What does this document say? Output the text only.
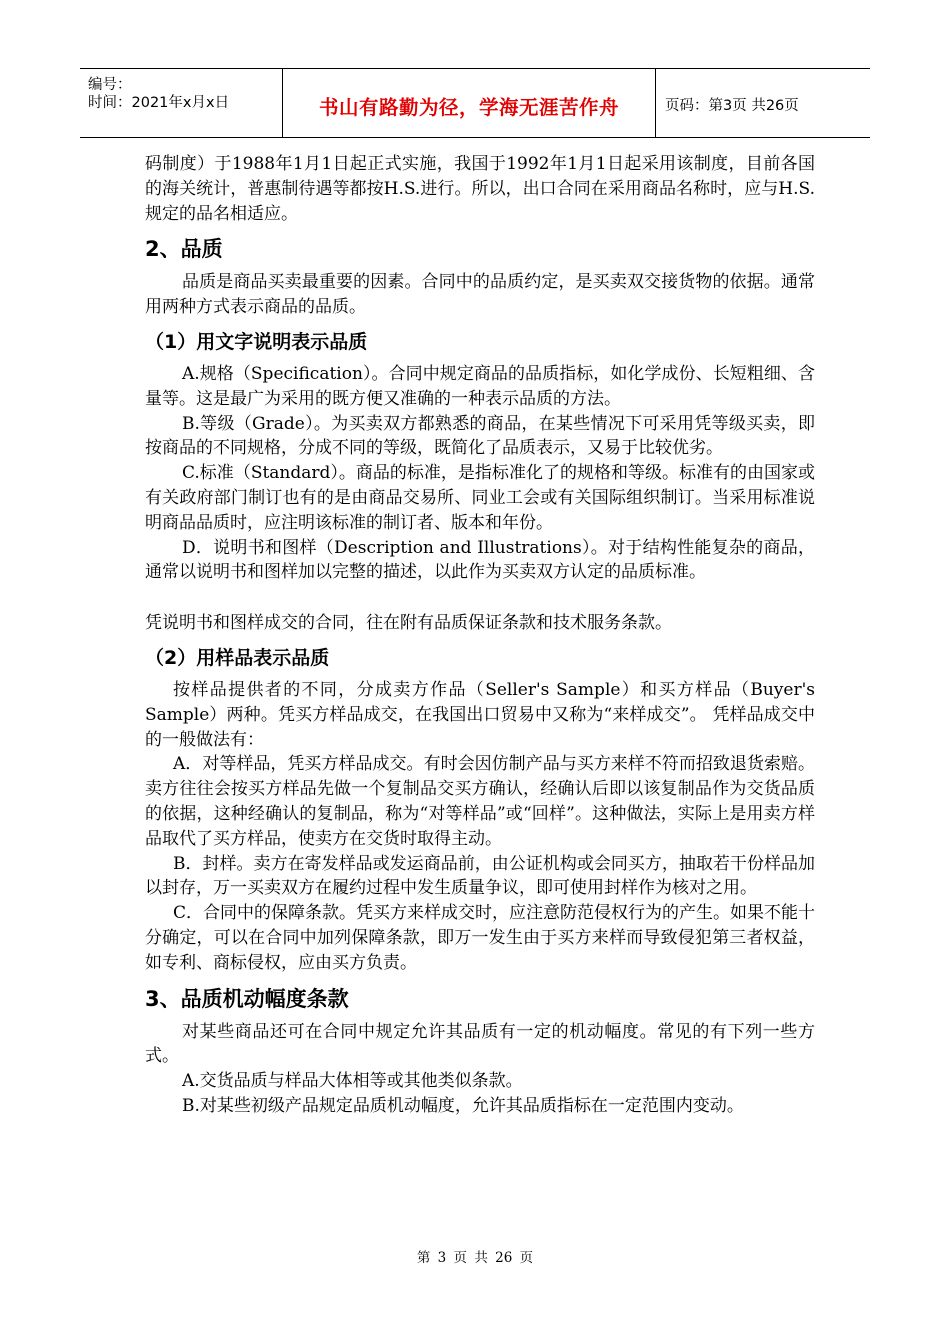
编号：
时间：2021年x月x日	书山有路勤为径，学海无涯苦作舟	页码：第3页 共26页

码制度）于1988年1月1日起正式实施，我国于1992年1月1日起采用该制度，目前各国的海关统计，普惠制待遇等都按H.S.进行。所以，出口合同在采用商品名称时，应与H.S.规定的品名相适应。

2、品质

品质是商品买卖最重要的因素。合同中的品质约定，是买卖双交接货物的依据。通常用两种方式表示商品的品质。

（1）用文字说明表示品质

A.规格（Specification）。合同中规定商品的品质指标，如化学成份、长短粗细、含量等。这是最广为采用的既方便又准确的一种表示品质的方法。

B.等级（Grade）。为买卖双方都熟悉的商品，在某些情况下可采用凭等级买卖，即按商品的不同规格，分成不同的等级，既简化了品质表示，又易于比较优劣。

C.标准（Standard）。商品的标准，是指标准化了的规格和等级。标准有的由国家或有关政府部门制订也有的是由商品交易所、同业工会或有关国际组织制订。当采用标准说明商品品质时，应注明该标准的制订者、版本和年份。

D．说明书和图样（Description and Illustrations）。对于结构性能复杂的商品，通常以说明书和图样加以完整的描述，以此作为买卖双方认定的品质标准。

凭说明书和图样成交的合同，往在附有品质保证条款和技术服务条款。

（2）用样品表示品质

按样品提供者的不同，分成卖方作品（Seller's Sample）和买方样品（Buyer's Sample）两种。凭买方样品成交，在我国出口贸易中又称为“来样成交”。 凭样品成交中的一般做法有：

A．对等样品，凭买方样品成交。有时会因仿制产品与买方来样不符而招致退货索赔。卖方往往会按买方样品先做一个复制品交买方确认，经确认后即以该复制品作为交货品质的依据，这种经确认的复制品，称为“对等样品”或“回样”。这种做法，实际上是用卖方样品取代了买方样品，使卖方在交货时取得主动。

B．封样。卖方在寄发样品或发运商品前，由公证机构或会同买方，抽取若干份样品加以封存，万一买卖双方在履约过程中发生质量争议，即可使用封样作为核对之用。

C．合同中的保障条款。凭买方来样成交时，应注意防范侵权行为的产生。如果不能十分确定，可以在合同中加列保障条款，即万一发生由于买方来样而导致侵犯第三者权益，如专利、商标侵权，应由买方负责。

3、品质机动幅度条款

对某些商品还可在合同中规定允许其品质有一定的机动幅度。常见的有下列一些方式。

A.交货品质与样品大体相等或其他类似条款。

B.对某些初级产品规定品质机动幅度，允许其品质指标在一定范围内变动。

第 3 页 共 26 页
